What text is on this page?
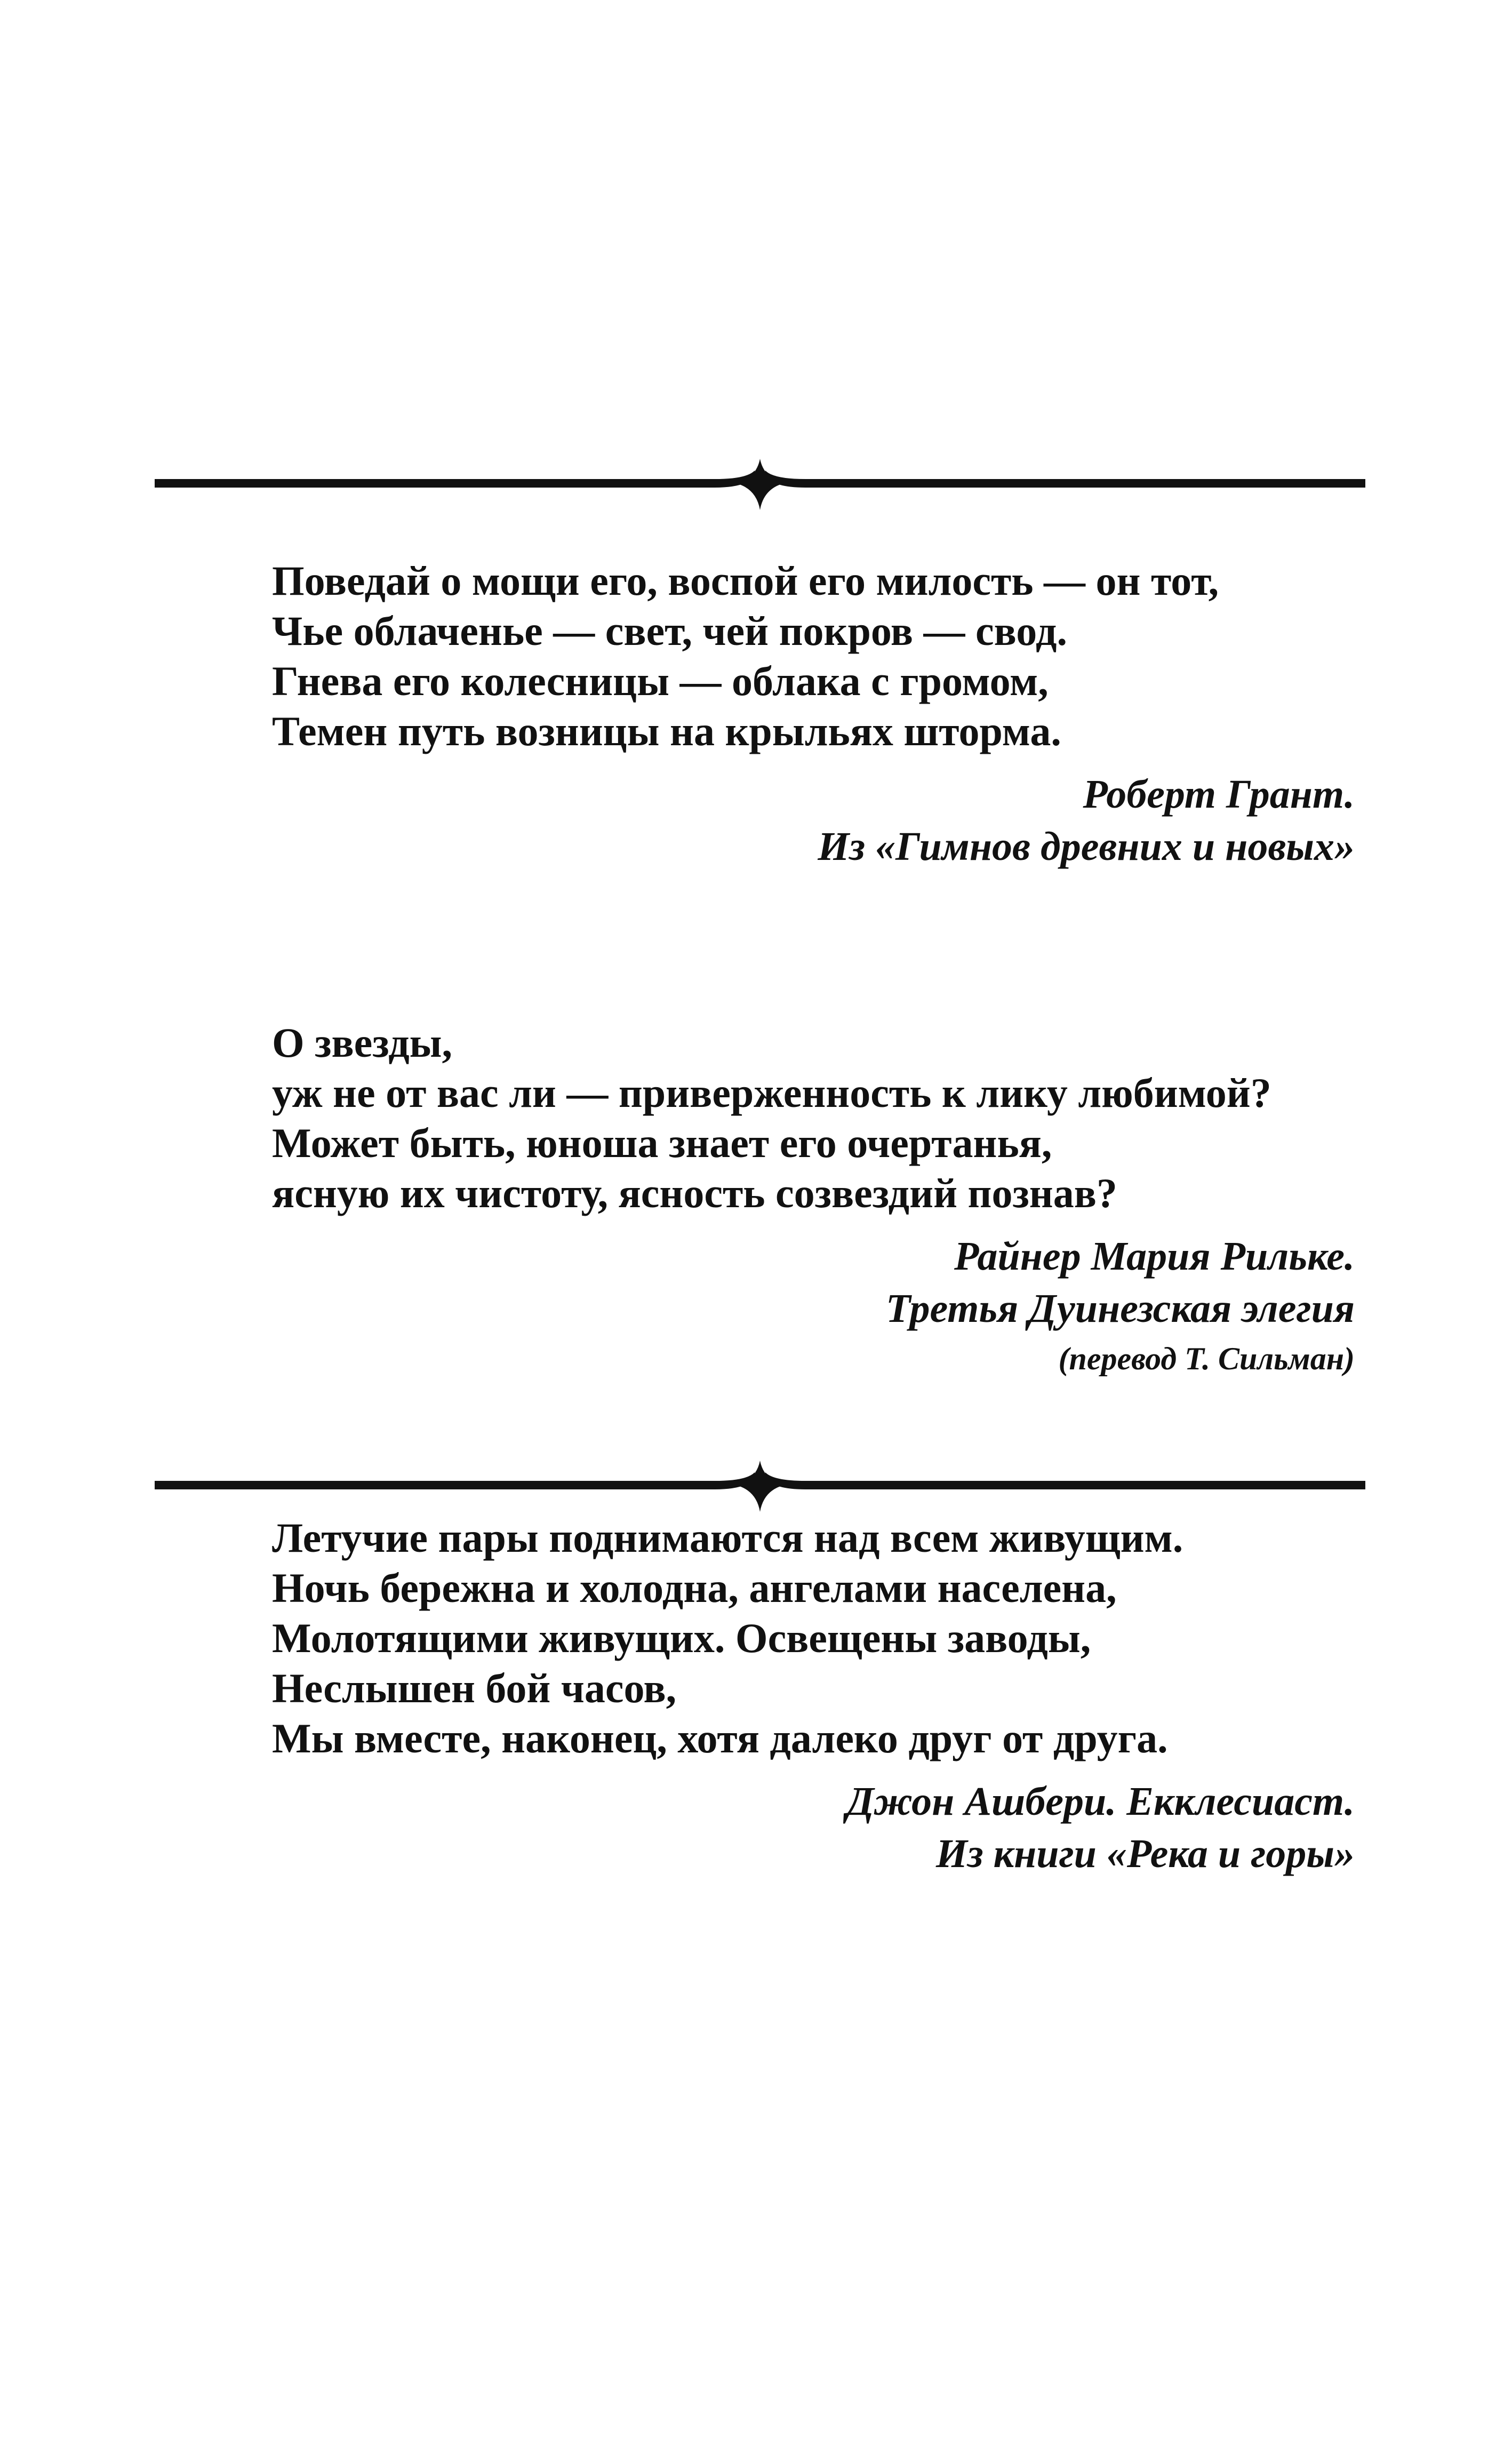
Поведай о мощи его, воспой его милость — он тот,
Чье облаченье — свет, чей покров — свод.
Гнева его колесницы — облака с громом,
Темен путь возницы на крыльях шторма.
Роберт Грант.
Из «Гимнов древних и новых»
О звезды,
уж не от вас ли — приверженность к лику любимой?
Может быть, юноша знает его очертанья,
ясную их чистоту, ясность созвездий познав?
Райнер Мария Рильке.
Третья Дуинезская элегия
(перевод Т. Сильман)
Летучие пары поднимаются над всем живущим.
Ночь бережна и холодна, ангелами населена,
Молотящими живущих. Освещены заводы,
Неслышен бой часов,
Мы вместе, наконец, хотя далеко друг от друга.
Джон Ашбери. Екклесиаст.
Из книги «Река и горы»
